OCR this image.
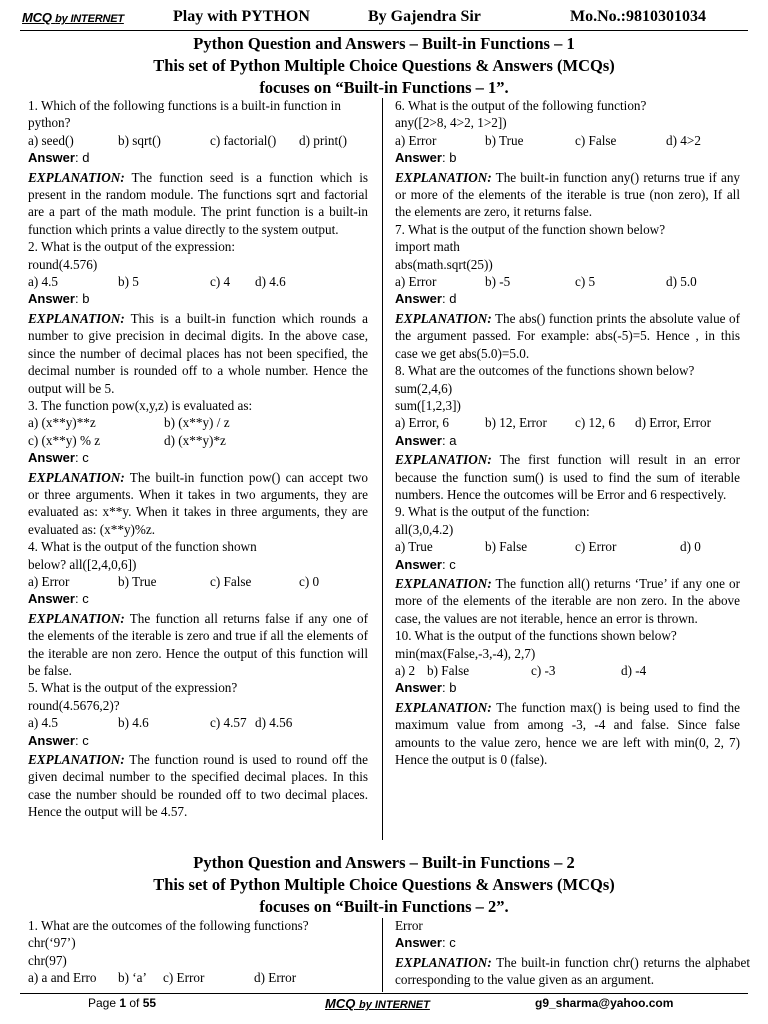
MCQ by INTERNET	Play with PYTHON	By Gajendra Sir	Mo.No.:9810301034
Python Question and Answers – Built-in Functions – 1
This set of Python Multiple Choice Questions & Answers (MCQs)
focuses on “Built-in Functions – 1”.
1. Which of the following functions is a built-in function in
python?
a) seed()	b) sqrt()	c) factorial() d) print()
Answer: d
EXPLANATION: The function seed is a function which is present in the random module. The functions sqrt and factorial are a part of the math module. The print function is a built-in function which prints a value directly to the system output.
2. What is the output of the expression:
round(4.576)
a) 4.5	b) 5	c) 4 d) 4.6
Answer: b
EXPLANATION: This is a built-in function which rounds a number to give precision in decimal digits. In the above case, since the number of decimal places has not been specified, the decimal number is rounded off to a whole number. Hence the output will be 5.
3. The function pow(x,y,z) is evaluated as:
a) (x**y)**z	b) (x**y) / z
c) (x**y) % z	d) (x**y)*z
Answer: c
EXPLANATION: The built-in function pow() can accept two or three arguments. When it takes in two arguments, they are evaluated as: x**y. When it takes in three arguments, they are evaluated as: (x**y)%z.
4. What is the output of the function shown
below? all([2,4,0,6])
a) Error	b) True	c) False	c) 0
Answer: c
EXPLANATION: The function all returns false if any one of the elements of the iterable is zero and true if all the elements of the iterable are non zero. Hence the output of this function will be false.
5. What is the output of the expression?
round(4.5676,2)?
a) 4.5	b) 4.6	c) 4.57 d) 4.56
Answer: c
EXPLANATION: The function round is used to round off the given decimal number to the specified decimal places. In this case the number should be rounded off to two decimal places. Hence the output will be 4.57.
6. What is the output of the following function?
any([2>8, 4>2, 1>2])
a) Error	b) True	c) False	d) 4>2
Answer: b
EXPLANATION: The built-in function any() returns true if any or more of the elements of the iterable is true (non zero), If all the elements are zero, it returns false.
7. What is the output of the function shown below?
import math
abs(math.sqrt(25))
a) Error	b) -5	c) 5	d) 5.0
Answer: d
EXPLANATION: The abs() function prints the absolute value of the argument passed. For example: abs(-5)=5. Hence , in this case we get abs(5.0)=5.0.
8. What are the outcomes of the functions shown below?
sum(2,4,6)
sum([1,2,3])
a) Error, 6	b) 12, Error c) 12, 6 d) Error, Error
Answer: a
EXPLANATION: The first function will result in an error because the function sum() is used to find the sum of iterable numbers. Hence the outcomes will be Error and 6 respectively.
9. What is the output of the function:
all(3,0,4.2)
a) True	b) False	c) Error	d) 0
Answer: c
EXPLANATION: The function all() returns ‘True’ if any one or more of the elements of the iterable are non zero. In the above case, the values are not iterable, hence an error is thrown.
10. What is the output of the functions shown below?
min(max(False,-3,-4), 2,7)
a) 2 b) False	c) -3	d) -4
Answer: b
EXPLANATION: The function max() is being used to find the maximum value from among -3, -4 and false. Since false amounts to the value zero, hence we are left with min(0, 2, 7) Hence the output is 0 (false).
Python Question and Answers – Built-in Functions – 2
This set of Python Multiple Choice Questions & Answers (MCQs)
focuses on “Built-in Functions – 2”.
1. What are the outcomes of the following functions?
chr(‘97’)
chr(97)
a) a and Erro b) ‘a’ c) Error	d) Error
Error
Answer: c
EXPLANATION: The built-in function chr() returns the alphabet corresponding to the value given as an argument.
Page 1 of 55	MCQ by INTERNET	g9_sharma@yahoo.com
